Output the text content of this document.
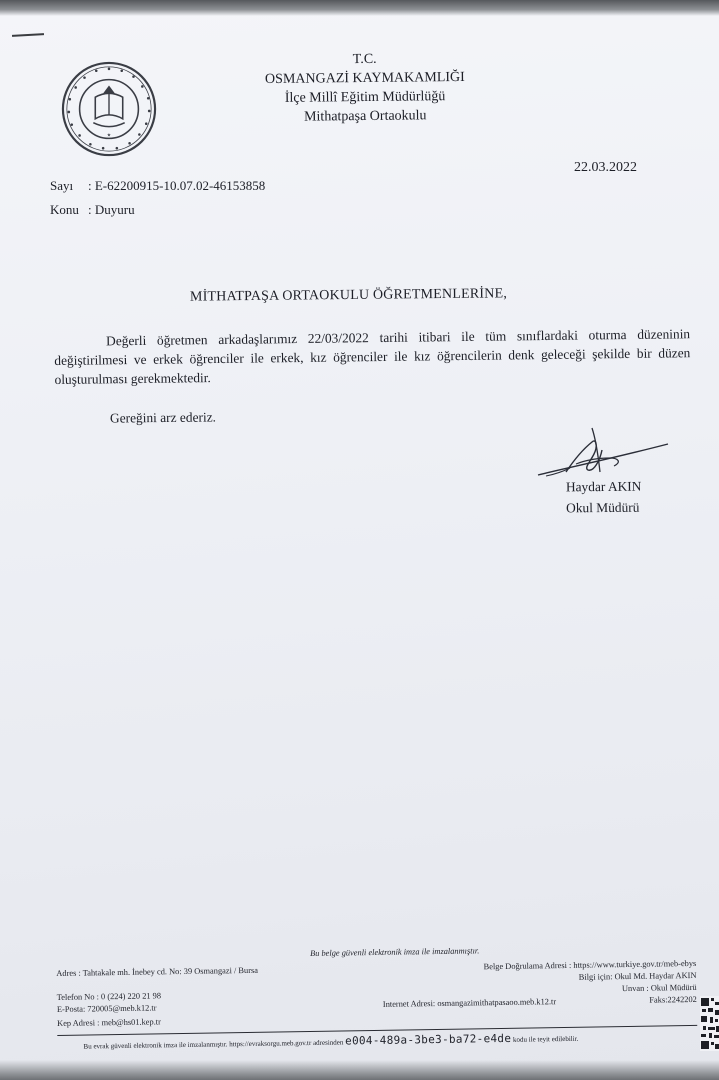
★
T.C.
OSMANGAZİ KAYMAKAMLIĞI
İlçe Millî Eğitim Müdürlüğü
Mithatpaşa Ortaokulu
22.03.2022
Sayı : E-62200915-10.07.02-46153858
Konu : Duyuru
MİTHATPAŞA ORTAOKULU ÖĞRETMENLERİNE,
Değerli öğretmen arkadaşlarımız 22/03/2022 tarihi itibari ile tüm sınıflardaki oturma düzeninin değiştirilmesi ve erkek öğrenciler ile erkek, kız öğrenciler ile kız öğrencilerin denk geleceği şekilde bir düzen oluşturulması gerekmektedir.
Gereğini arz ederiz.
Haydar AKIN
Okul Müdürü
Bu belge güvenli elektronik imza ile imzalanmıştır.
Adres : Tahtakale mh. İnebey cd. No: 39 Osmangazi / Bursa
Belge Doğrulama Adresi : https://www.turkiye.gov.tr/meb-ebys
Bilgi için: Okul Md. Haydar AKIN
Telefon No : 0 (224) 220 21 98
Unvan : Okul Müdürü
E-Posta: 720005@meb.k12.tr	Internet Adresi: osmangazimithatpasaoo.meb.k12.tr	Faks:2242202
Kep Adresi : meb@hs01.kep.tr
Bu evrak güvenli elektronik imza ile imzalanmıştır. https://evraksorgu.meb.gov.tr adresinden e004-489a-3be3-ba72-e4de kodu ile teyit edilebilir.
